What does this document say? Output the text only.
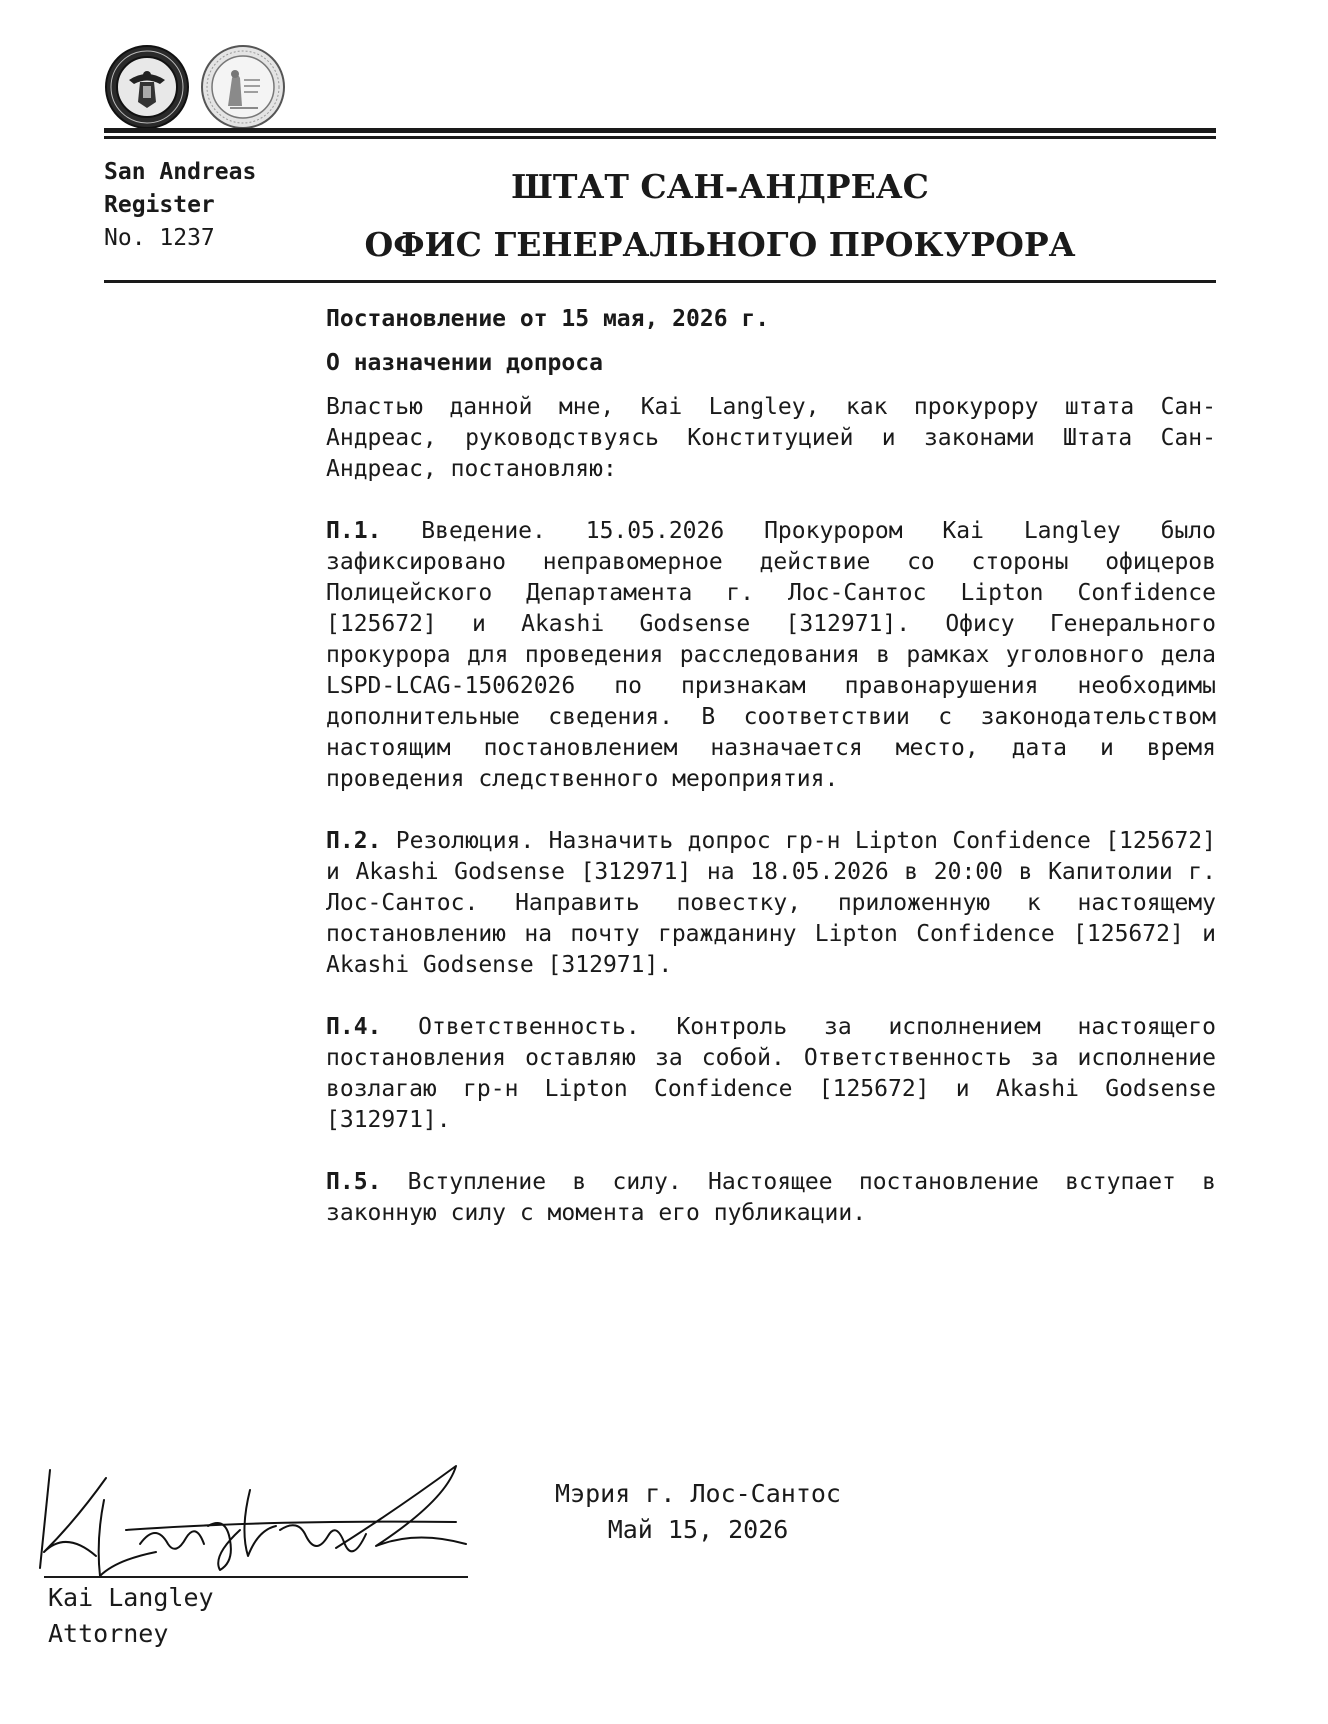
San Andreas
Register
No. 1237
ШТАТ САН-АНДРЕАС
ОФИС ГЕНЕРАЛЬНОГО ПРОКУРОРА

Постановление от 15 мая, 2026 г.

О назначении допроса

Властью данной мне, Kai Langley, как прокурору штата Сан-Андреас, руководствуясь Конституцией и законами Штата Сан-Андреас, постановляю:

П.1. Введение. 15.05.2026 Прокурором Kai Langley было зафиксировано неправомерное действие со стороны офицеров Полицейского Департамента г. Лос-Сантос Lipton Confidence [125672] и Akashi Godsense [312971]. Офису Генерального прокурора для проведения расследования в рамках уголовного дела LSPD-LCAG-15062026 по признакам правонарушения необходимы дополнительные сведения. В соответствии с законодательством настоящим постановлением назначается место, дата и время проведения следственного мероприятия.

П.2. Резолюция. Назначить допрос гр-н Lipton Confidence [125672] и Akashi Godsense [312971] на 18.05.2026 в 20:00 в Капитолии г. Лос-Сантос. Направить повестку, приложенную к настоящему постановлению на почту гражданину Lipton Confidence [125672] и Akashi Godsense [312971].

П.4. Ответственность. Контроль за исполнением настоящего постановления оставляю за собой. Ответственность за исполнение возлагаю гр-н Lipton Confidence [125672] и Akashi Godsense [312971].

П.5. Вступление в силу. Настоящее постановление вступает в законную силу с момента его публикации.

Kai Langley
Attorney
Мэрия г. Лос-Сантос
Май 15, 2026
